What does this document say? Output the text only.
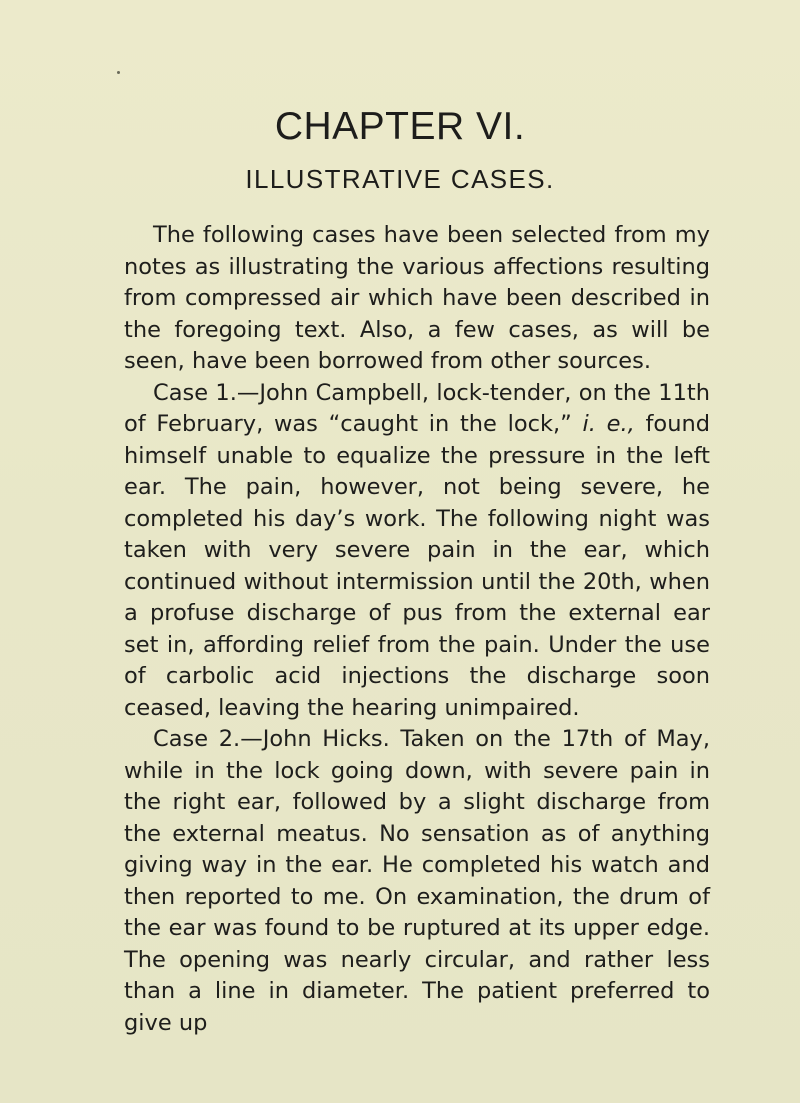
CHAPTER VI.
ILLUSTRATIVE CASES.

The following cases have been selected from my notes as illustrating the various affections resulting from compressed air which have been described in the foregoing text. Also, a few cases, as will be seen, have been borrowed from other sources.

Case 1.—John Campbell, lock-tender, on the 11th of February, was “caught in the lock,” i. e., found himself unable to equalize the pressure in the left ear. The pain, however, not being severe, he completed his day’s work. The following night was taken with very severe pain in the ear, which continued without intermission until the 20th, when a profuse discharge of pus from the external ear set in, affording relief from the pain. Under the use of carbolic acid injections the discharge soon ceased, leaving the hearing unimpaired.

Case 2.—John Hicks. Taken on the 17th of May, while in the lock going down, with severe pain in the right ear, followed by a slight discharge from the external meatus. No sensation as of anything giving way in the ear. He completed his watch and then reported to me. On examination, the drum of the ear was found to be ruptured at its upper edge. The opening was nearly circular, and rather less than a line in diameter. The patient preferred to give up
